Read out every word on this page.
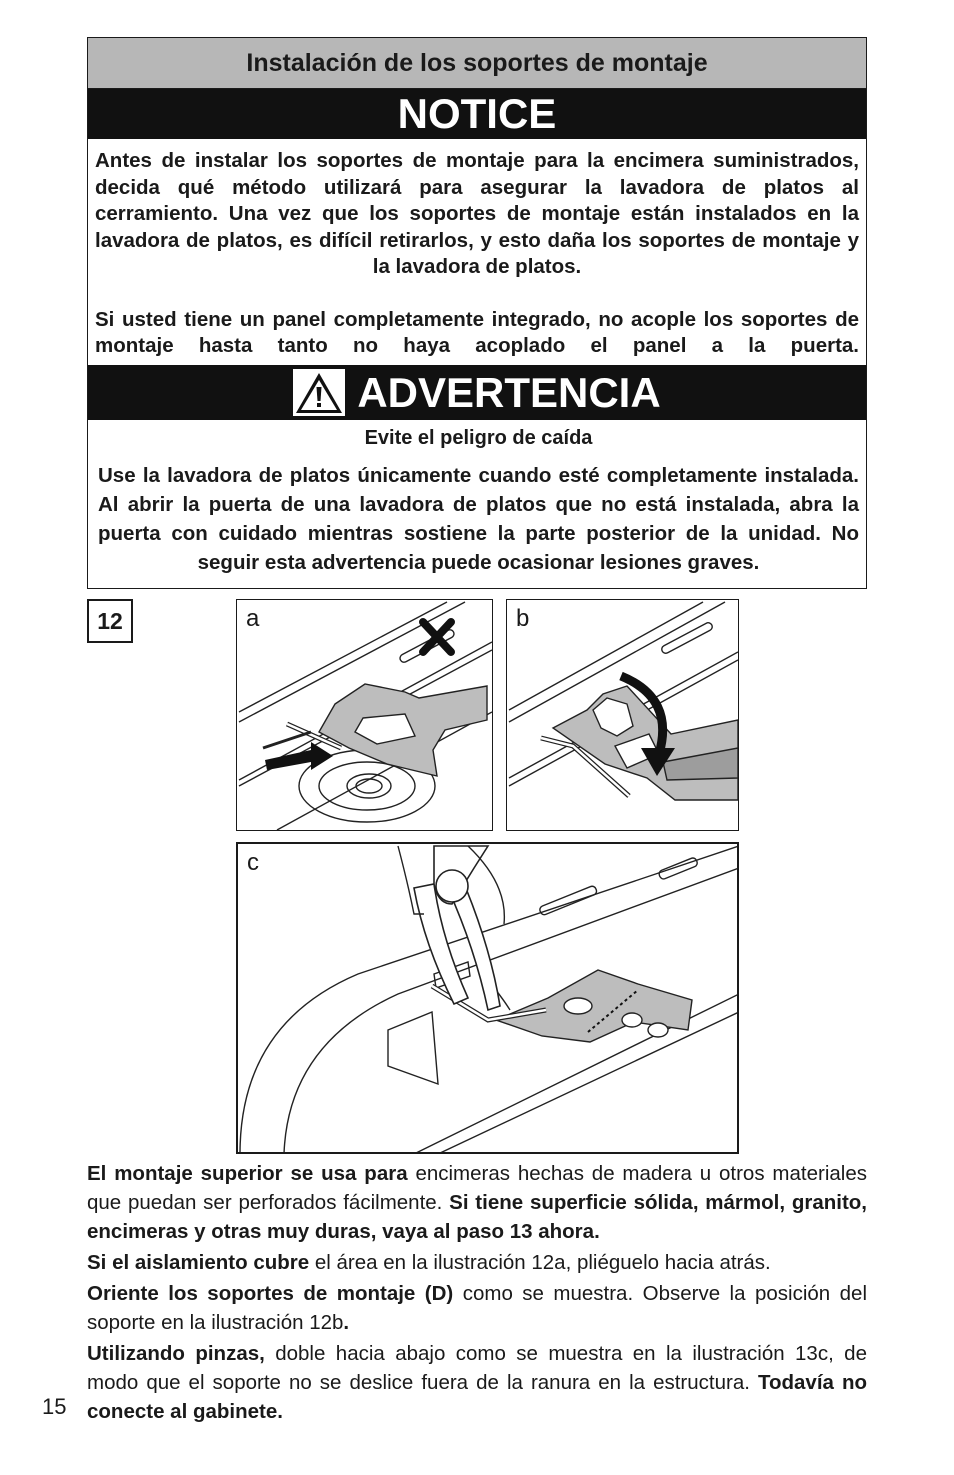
Instalación de los soportes de montaje
NOTICE

Antes de instalar los soportes de montaje para la encimera suministrados, decida qué método utilizará para asegurar la lavadora de platos al cerramiento. Una vez que los soportes de montaje están instalados en la lavadora de platos, es difícil retirarlos, y esto daña los soportes de montaje y la lavadora de platos.

Si usted tiene un panel completamente integrado, no acople los soportes de montaje hasta tanto no haya acoplado el panel a la puerta.

ADVERTENCIA
Evite el peligro de caída
Use la lavadora de platos únicamente cuando esté completamente instalada. Al abrir la puerta de una lavadora de platos que no está instalada, abra la puerta con cuidado mientras sostiene la parte posterior de la unidad. No seguir esta advertencia puede ocasionar lesiones graves.
12	a	b
c

El montaje superior se usa para encimeras hechas de madera u otros materiales que puedan ser perforados fácilmente. Si tiene superficie sólida, mármol, granito, encimeras y otras muy duras, vaya al paso 13 ahora.

Si el aislamiento cubre el área en la ilustración 12a, pliéguelo hacia atrás.

Oriente los soportes de montaje (D) como se muestra. Observe la posición del soporte en la ilustración 12b.

Utilizando pinzas, doble hacia abajo como se muestra en la ilustración 13c, de modo que el soporte no se deslice fuera de la ranura en la estructura. Todavía no conecte al gabinete.

15
